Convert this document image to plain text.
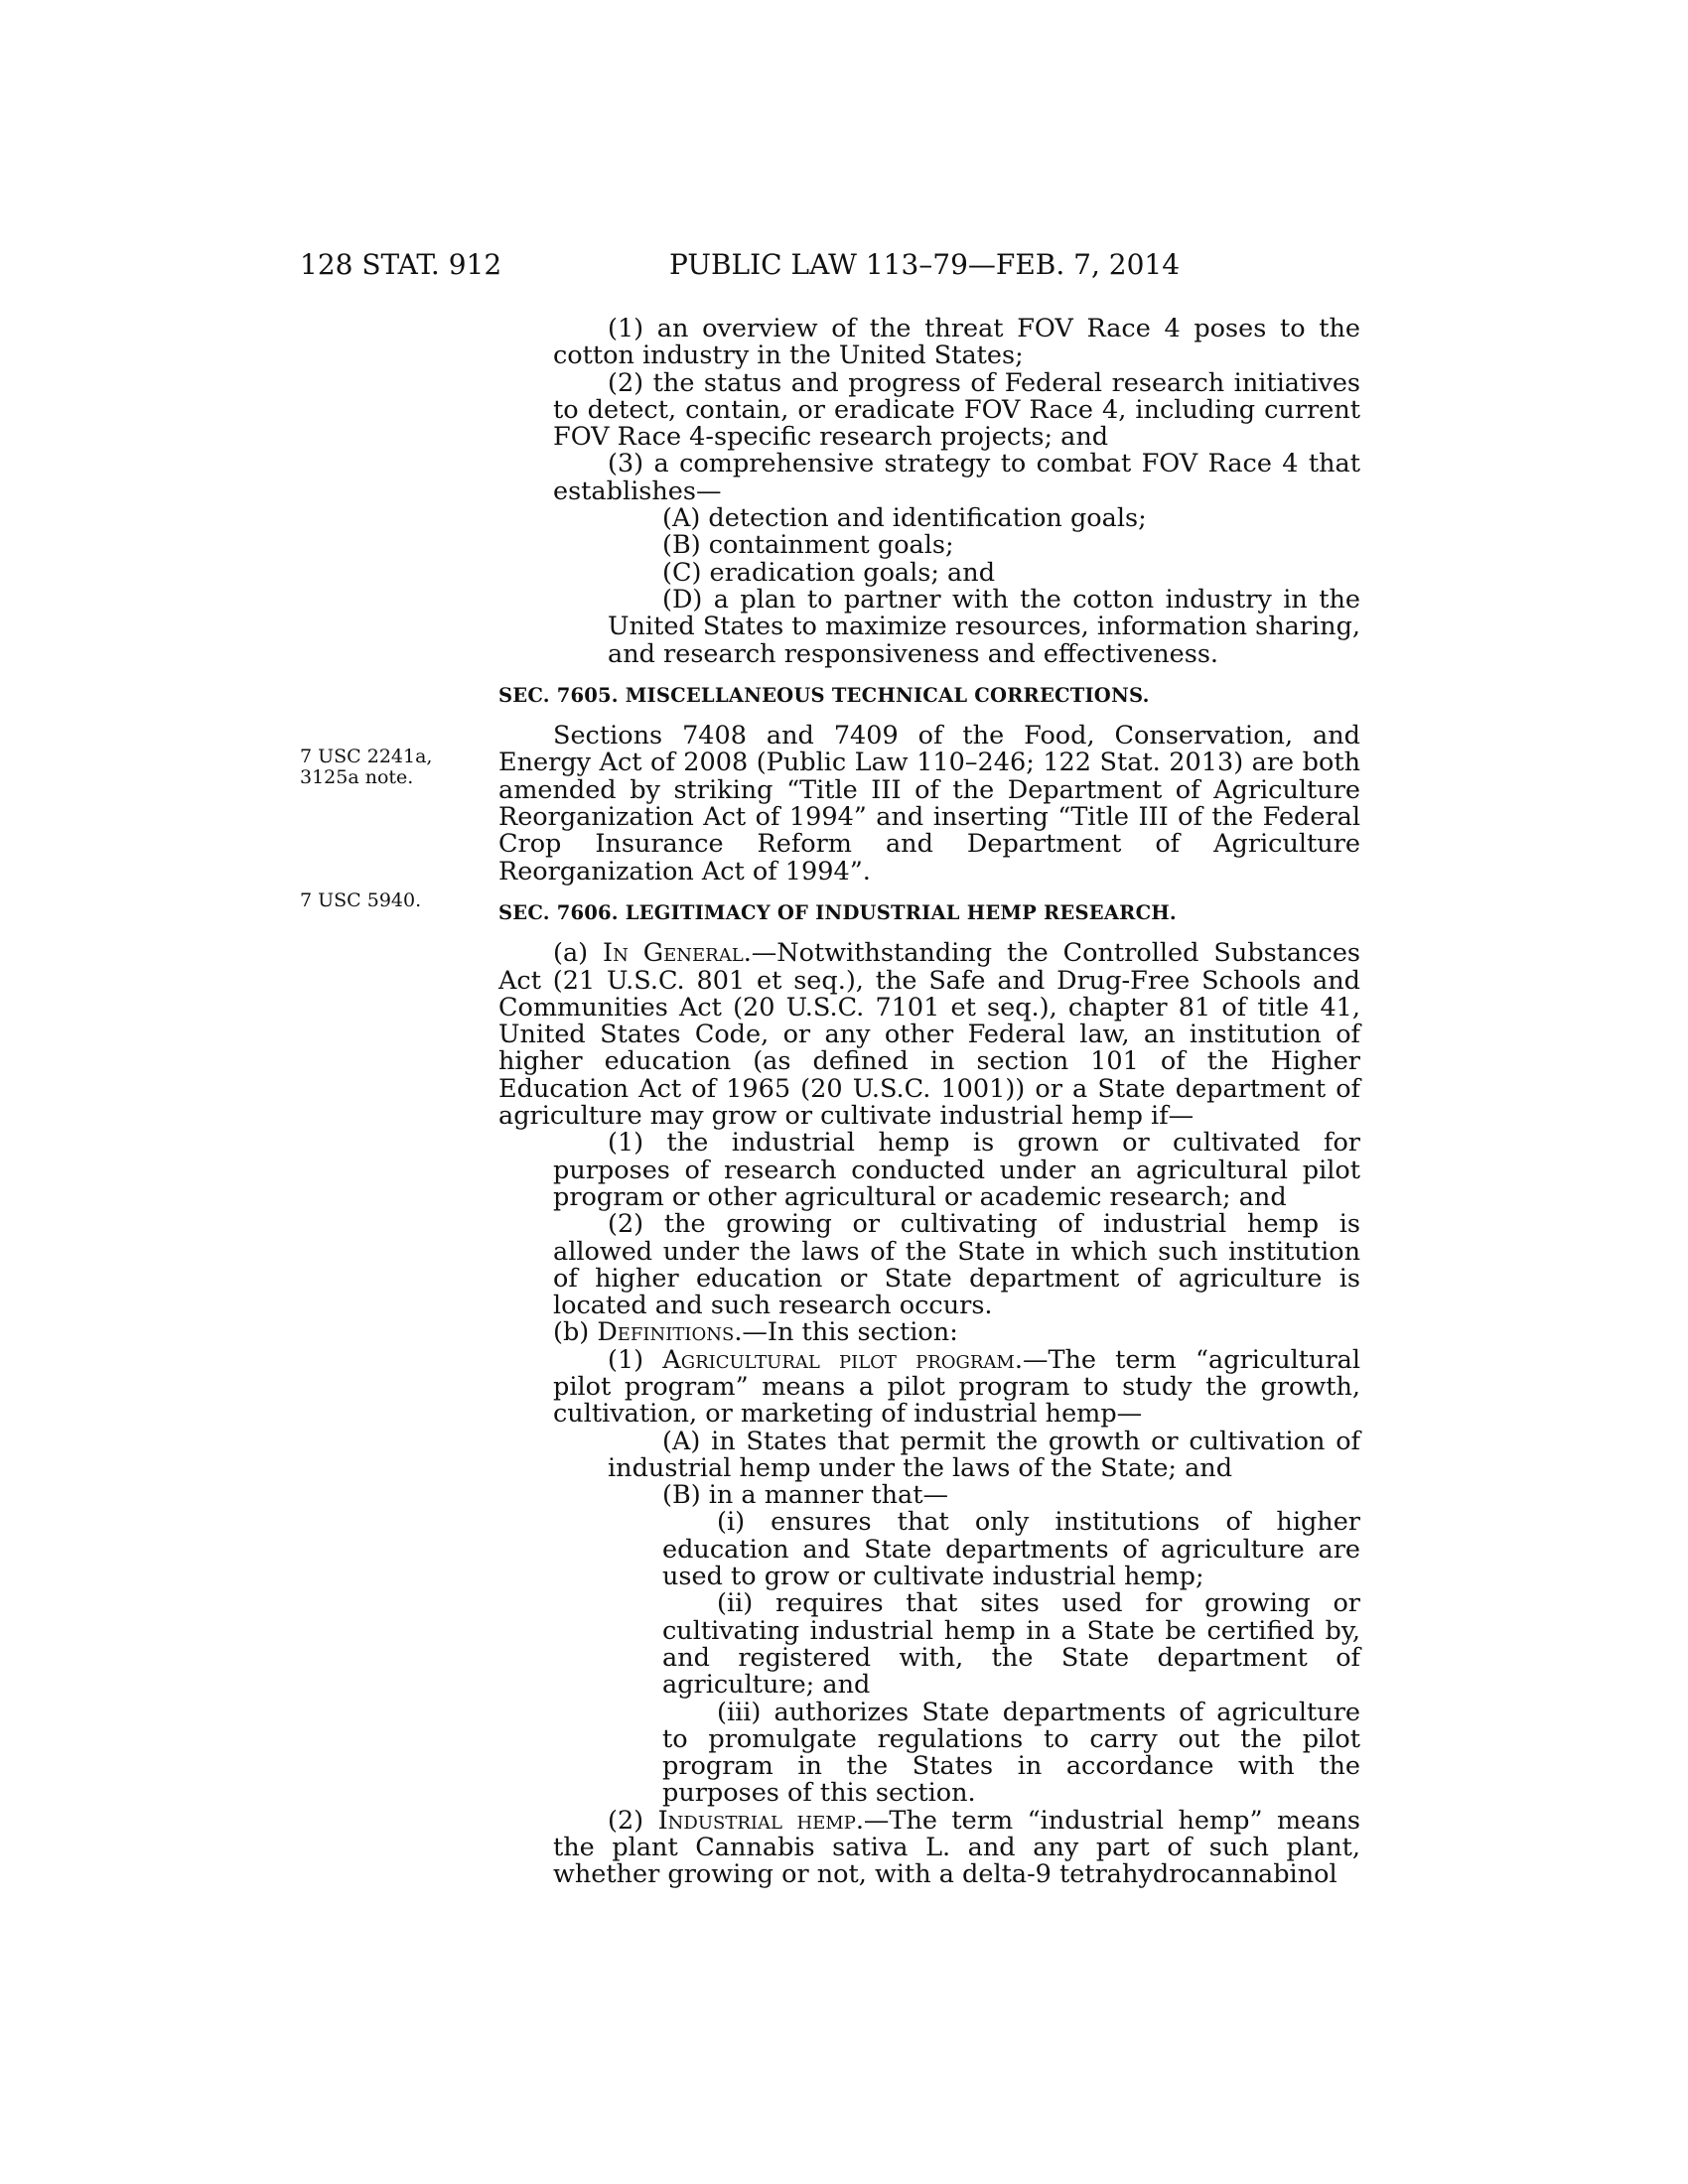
128 STAT. 912	PUBLIC LAW 113–79—FEB. 7, 2014
7 USC 2241a,
3125a note.
7 USC 5940.

(1) an overview of the threat FOV Race 4 poses to the cotton industry in the United States;

(2) the status and progress of Federal research initiatives to detect, contain, or eradicate FOV Race 4, including current FOV Race 4-specific research projects; and

(3) a comprehensive strategy to combat FOV Race 4 that establishes—

(A) detection and identification goals;

(B) containment goals;

(C) eradication goals; and

(D) a plan to partner with the cotton industry in the United States to maximize resources, information sharing, and research responsiveness and effectiveness.

SEC. 7605. MISCELLANEOUS TECHNICAL CORRECTIONS.

Sections 7408 and 7409 of the Food, Conservation, and Energy Act of 2008 (Public Law 110–246; 122 Stat. 2013) are both amended by striking “Title III of the Department of Agriculture Reorganization Act of 1994” and inserting “Title III of the Federal Crop Insurance Reform and Department of Agriculture Reorganization Act of 1994”.

SEC. 7606. LEGITIMACY OF INDUSTRIAL HEMP RESEARCH.

(a) In General.—Notwithstanding the Controlled Substances Act (21 U.S.C. 801 et seq.), the Safe and Drug-Free Schools and Communities Act (20 U.S.C. 7101 et seq.), chapter 81 of title 41, United States Code, or any other Federal law, an institution of higher education (as defined in section 101 of the Higher Education Act of 1965 (20 U.S.C. 1001)) or a State department of agriculture may grow or cultivate industrial hemp if—

(1) the industrial hemp is grown or cultivated for purposes of research conducted under an agricultural pilot program or other agricultural or academic research; and

(2) the growing or cultivating of industrial hemp is allowed under the laws of the State in which such institution of higher education or State department of agriculture is located and such research occurs.

(b) Definitions.—In this section:

(1) Agricultural pilot program.—The term “agricultural pilot program” means a pilot program to study the growth, cultivation, or marketing of industrial hemp—

(A) in States that permit the growth or cultivation of industrial hemp under the laws of the State; and

(B) in a manner that—

(i) ensures that only institutions of higher education and State departments of agriculture are used to grow or cultivate industrial hemp;

(ii) requires that sites used for growing or cultivating industrial hemp in a State be certified by, and registered with, the State department of agriculture; and

(iii) authorizes State departments of agriculture to promulgate regulations to carry out the pilot program in the States in accordance with the purposes of this section.

(2) Industrial hemp.—The term “industrial hemp” means the plant Cannabis sativa L. and any part of such plant, whether growing or not, with a delta-9 tetrahydrocannabinol
